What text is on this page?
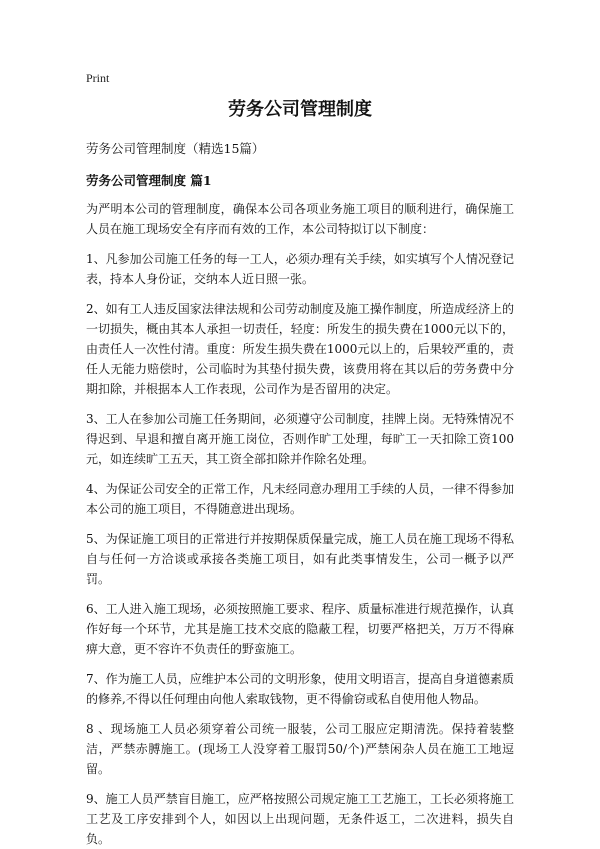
Print
劳务公司管理制度
劳务公司管理制度（精选15篇）
劳务公司管理制度 篇1

为严明本公司的管理制度，确保本公司各项业务施工项目的顺利进行，确保施工人员在施工现场安全有序而有效的工作，本公司特拟订以下制度：

1、凡参加公司施工任务的每一工人，必须办理有关手续，如实填写个人情况登记表，持本人身份证，交纳本人近日照一张。

2、如有工人违反国家法律法规和公司劳动制度及施工操作制度，所造成经济上的一切损失，概由其本人承担一切责任，轻度：所发生的损失费在1000元以下的，由责任人一次性付清。重度：所发生损失费在1000元以上的，后果较严重的，责任人无能力赔偿时，公司临时为其垫付损失费，该费用将在其以后的劳务费中分期扣除，并根据本人工作表现，公司作为是否留用的决定。

3、工人在参加公司施工任务期间，必须遵守公司制度，挂牌上岗。无特殊情况不得迟到、早退和擅自离开施工岗位，否则作旷工处理，每旷工一天扣除工资100元，如连续旷工五天，其工资全部扣除并作除名处理。

4、为保证公司安全的正常工作，凡未经同意办理用工手续的人员，一律不得参加本公司的施工项目，不得随意进出现场。

5、为保证施工项目的正常进行并按期保质保量完成，施工人员在施工现场不得私自与任何一方洽谈或承接各类施工项目，如有此类事情发生，公司一概予以严罚。

6、工人进入施工现场，必须按照施工要求、程序、质量标准进行规范操作，认真作好每一个环节，尤其是施工技术交底的隐蔽工程，切要严格把关，万万不得麻痹大意，更不容许不负责任的野蛮施工。

7、作为施工人员，应维护本公司的文明形象，使用文明语言，提高自身道德素质的修养,不得以任何理由向他人索取钱物，更不得偷窃或私自使用他人物品。

8 、现场施工人员必须穿着公司统一服装，公司工服应定期清洗。保持着装整洁，严禁赤膊施工。(现场工人没穿着工服罚50/个)严禁闲杂人员在施工工地逗留。

9、施工人员严禁盲目施工，应严格按照公司规定施工工艺施工，工长必须将施工工艺及工序安排到个人，如因以上出现问题，无条件返工，二次进料，损失自负。
